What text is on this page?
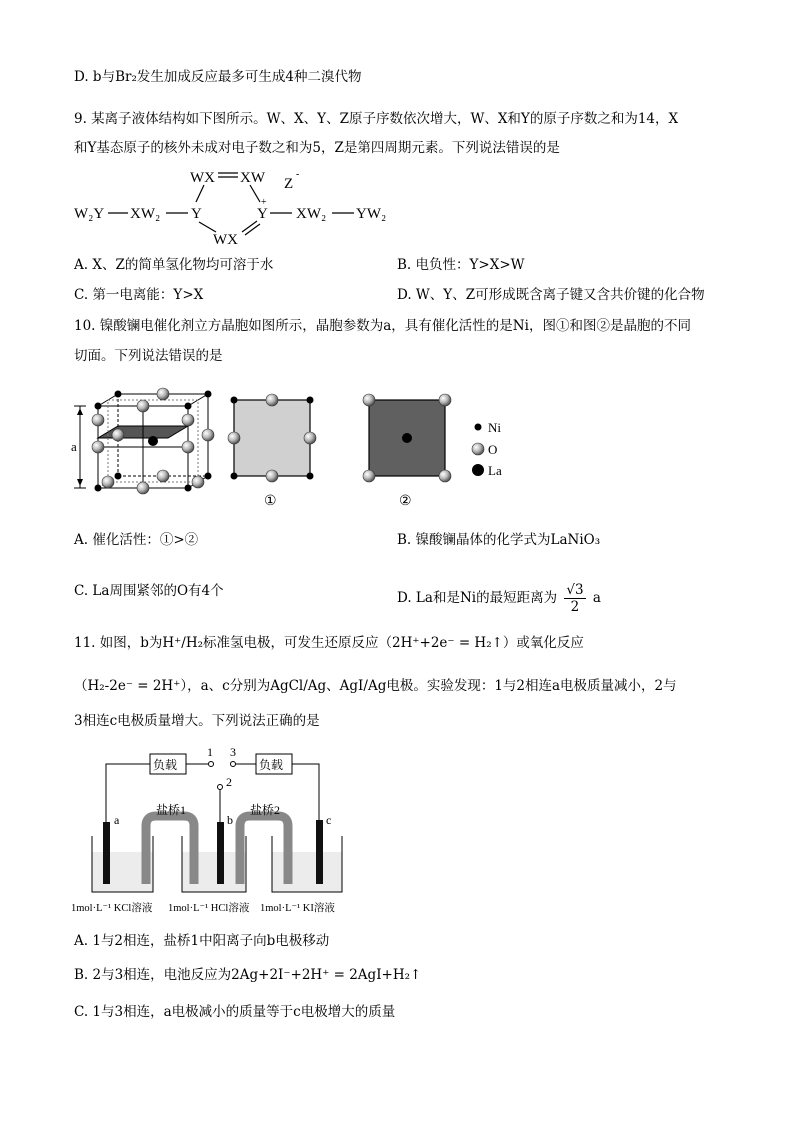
D. b与Br₂发生加成反应最多可生成4种二溴代物
9. 某离子液体结构如下图所示。W、X、Y、Z原子序数依次增大，W、X和Y的原子序数之和为14，X
和Y基态原子的核外未成对电子数之和为5，Z是第四周期元素。下列说法错误的是
WX XW Z
-
W₂Y XW₂ Y	Y
+
XW₂ YW₂
WX
A. X、Z的简单氢化物均可溶于水	B. 电负性：Y>X>W
C. 第一电离能：Y>X	D. W、Y、Z可形成既含离子键又含共价键的化合物
10. 镍酸镧电催化剂立方晶胞如图所示，晶胞参数为a，具有催化活性的是Ni，图①和图②是晶胞的不同
切面。下列说法错误的是
a
①	②
Ni
O
La
A. 催化活性：①>②	B. 镍酸镧晶体的化学式为LaNiO₃
C. La周围紧邻的O有4个	D. La和是Ni的最短距离为 $\frac{√3}{2}$ a
11. 如图，b为H⁺/H₂标准氢电极，可发生还原反应（2H⁺+2e⁻ = H₂↑）或氧化反应
（H₂-2e⁻ = 2H⁺），a、c分别为AgCl/Ag、AgI/Ag电极。实验发现：1与2相连a电极质量减小，2与
3相连c电极质量增大。下列说法正确的是
负载
1 3
负载
2
盐桥1	盐桥2
a	b	c
1mol·L⁻¹ KCl溶液 1mol·L⁻¹ HCl溶液 1mol·L⁻¹ KI溶液
A. 1与2相连，盐桥1中阳离子向b电极移动
B. 2与3相连，电池反应为2Ag+2I⁻+2H⁺ = 2AgI+H₂↑
C. 1与3相连，a电极减小的质量等于c电极增大的质量
